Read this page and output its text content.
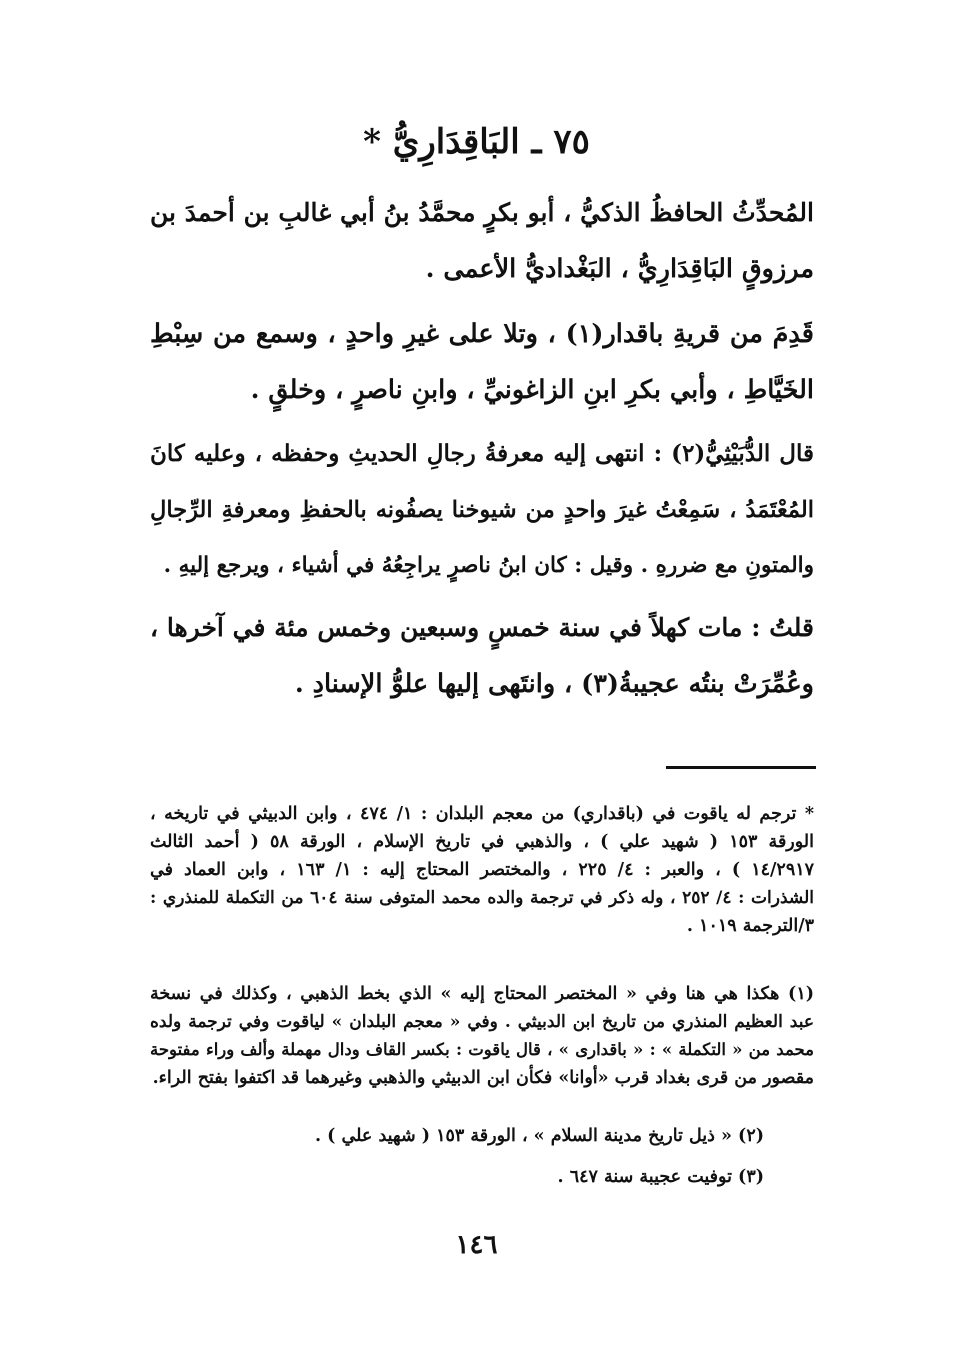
٧٥ ـ البَاقِدَارِيُّ *
المُحدِّثُ الحافظُ الذكيُّ ، أبو بكرٍ محمَّدُ بنُ أبي غالبِ بن أحمدَ بن
مرزوقٍ البَاقِدَارِيُّ ، البَغْداديُّ الأعمى .
قَدِمَ من قريةِ باقدار(١) ، وتلا على غيرِ واحدٍ ، وسمع من سِبْطِ
الخَيَّاطِ ، وأبي بكرِ ابنِ الزاغونيِّ ، وابنِ ناصرٍ ، وخلقٍ .
قال الدُّبَيْثِيُّ(٢) : انتهى إليه معرفةُ رجالِ الحديثِ وحفظه ، وعليه كانَ
المُعْتَمَدُ ، سَمِعْتُ غيرَ واحدٍ من شيوخنا يصفُونه بالحفظِ ومعرفةِ الرِّجالِ
والمتونِ مع ضررهِ . وقيل : كان ابنُ ناصرٍ يراجِعُهُ في أشياء ، ويرجع إليهِ .
قلتُ : مات كهلاً في سنة خمسٍ وسبعين وخمس مئة في آخرها ،
وعُمِّرَتْ بنتُه عجيبةُ(٣) ، وانتَهى إليها علوُّ الإسنادِ .
* ترجم له ياقوت في (باقداري) من معجم البلدان : ١/ ٤٧٤ ، وابن الدبيثي في تاريخه ،
الورقة ١٥٣ ( شهيد علي ) ، والذهبي في تاريخ الإسلام ، الورقة ٥٨ ( أحمد الثالث
١٤/٢٩١٧ ) ، والعبر : ٤/ ٢٢٥ ، والمختصر المحتاج إليه : ١/ ١٦٣ ، وابن العماد في
الشذرات : ٤/ ٢٥٢ ، وله ذكر في ترجمة والده محمد المتوفى سنة ٦٠٤ من التكملة للمنذري :
٣/الترجمة ١٠١٩ .
(١) هكذا هي هنا وفي « المختصر المحتاج إليه » الذي بخط الذهبي ، وكذلك في نسخة
عبد العظيم المنذري من تاريخ ابن الدبيثي . وفي « معجم البلدان » لياقوت وفي ترجمة ولده
محمد من « التكملة » : « باقدارى » ، قال ياقوت : بكسر القاف ودال مهملة وألف وراء مفتوحة
مقصور من قرى بغداد قرب «أوانا» فكأن ابن الدبيثي والذهبي وغيرهما قد اكتفوا بفتح الراء.
(٢) « ذيل تاريخ مدينة السلام » ، الورقة ١٥٣ ( شهيد علي ) .
(٣) توفيت عجيبة سنة ٦٤٧ .
١٤٦
